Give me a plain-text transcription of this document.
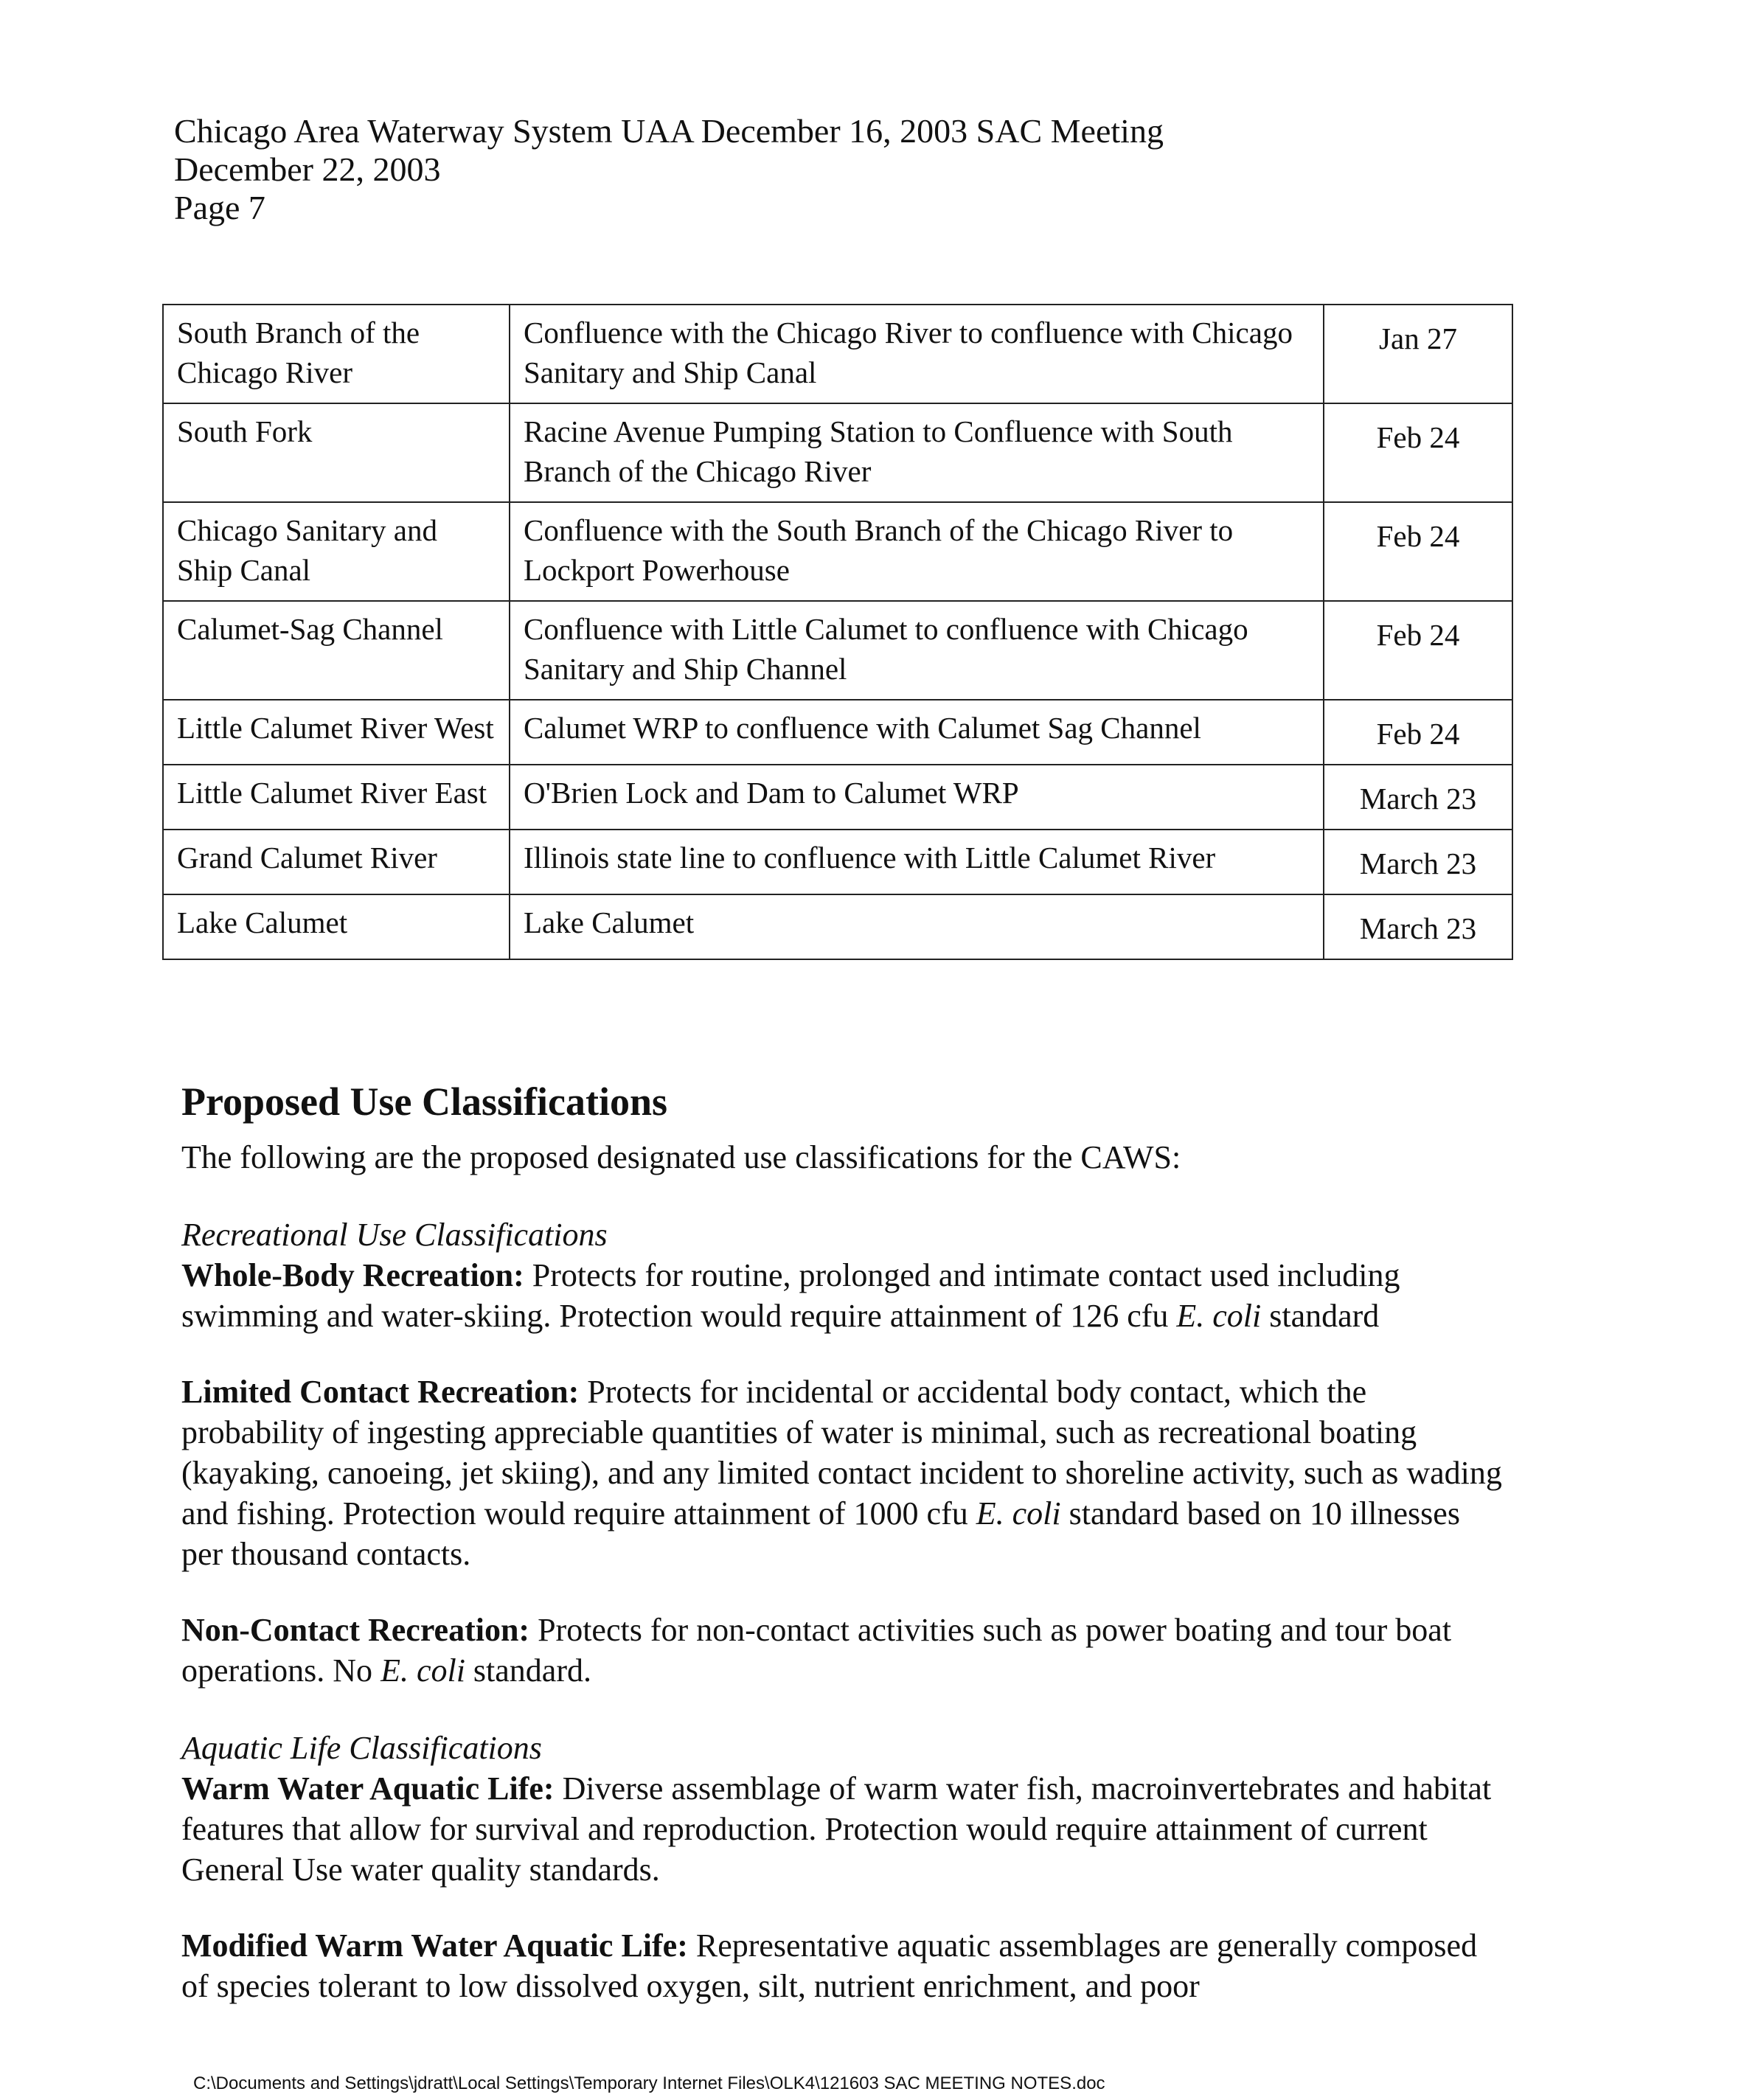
Chicago Area Waterway System UAA December 16, 2003 SAC Meeting
December 22, 2003
Page 7
South Branch of the Chicago River	Confluence with the Chicago River to confluence with Chicago Sanitary and Ship Canal	Jan 27
South Fork	Racine Avenue Pumping Station to Confluence with South Branch of the Chicago River	Feb 24
Chicago Sanitary and Ship Canal	Confluence with the South Branch of the Chicago River to Lockport Powerhouse	Feb 24
Calumet-Sag Channel	Confluence with Little Calumet to confluence with Chicago Sanitary and Ship Channel	Feb 24
Little Calumet River West	Calumet WRP to confluence with Calumet Sag Channel	Feb 24
Little Calumet River East	O'Brien Lock and Dam to Calumet WRP	March 23
Grand Calumet River	Illinois state line to confluence with Little Calumet River	March 23
Lake Calumet	Lake Calumet	March 23
Proposed Use Classifications

The following are the proposed designated use classifications for the CAWS:

Recreational Use Classifications

Whole-Body Recreation: Protects for routine, prolonged and intimate contact used including swimming and water-skiing. Protection would require attainment of 126 cfu E. coli standard

Limited Contact Recreation: Protects for incidental or accidental body contact, which the probability of ingesting appreciable quantities of water is minimal, such as recreational boating (kayaking, canoeing, jet skiing), and any limited contact incident to shoreline activity, such as wading and fishing. Protection would require attainment of 1000 cfu E. coli standard based on 10 illnesses per thousand contacts.

Non-Contact Recreation: Protects for non-contact activities such as power boating and tour boat operations. No E. coli standard.

Aquatic Life Classifications

Warm Water Aquatic Life: Diverse assemblage of warm water fish, macroinvertebrates and habitat features that allow for survival and reproduction. Protection would require attainment of current General Use water quality standards.

Modified Warm Water Aquatic Life: Representative aquatic assemblages are generally composed of species tolerant to low dissolved oxygen, silt, nutrient enrichment, and poor

C:\Documents and Settings\jdratt\Local Settings\Temporary Internet Files\OLK4\121603 SAC MEETING NOTES.doc
